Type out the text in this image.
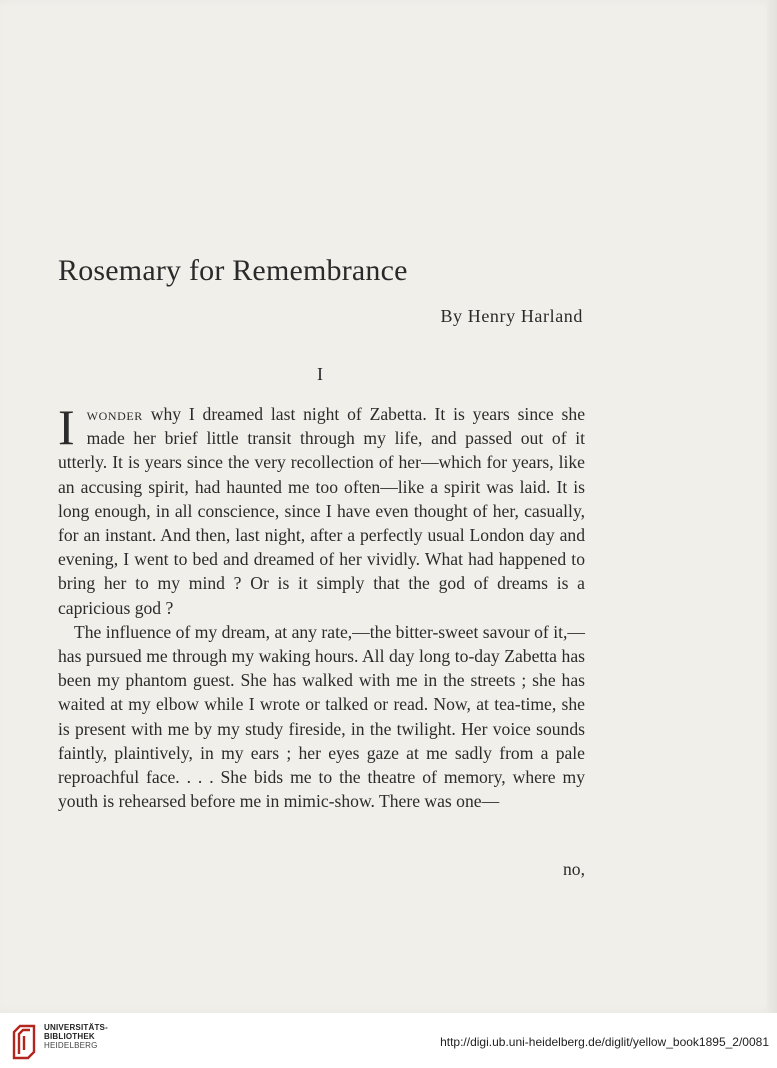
Rosemary for Remembrance
By Henry Harland
I

Iwonder why I dreamed last night of Zabetta. It is years since she made her brief little transit through my life, and passed out of it utterly. It is years since the very recollection of her—which for years, like an accusing spirit, had haunted me too often—like a spirit was laid. It is long enough, in all conscience, since I have even thought of her, casually, for an instant. And then, last night, after a perfectly usual London day and evening, I went to bed and dreamed of her vividly. What had happened to bring her to my mind ? Or is it simply that the god of dreams is a capricious god ?

The influence of my dream, at any rate,—the bitter-sweet savour of it,—has pursued me through my waking hours. All day long to-day Zabetta has been my phantom guest. She has walked with me in the streets ; she has waited at my elbow while I wrote or talked or read. Now, at tea-time, she is present with me by my study fireside, in the twilight. Her voice sounds faintly, plaintively, in my ears ; her eyes gaze at me sadly from a pale reproachful face. . . . She bids me to the theatre of memory, where my youth is rehearsed before me in mimic-show. There was one—

no,
UNIVERSITÄTS-
BIBLIOTHEK
HEIDELBERG	http://digi.ub.uni-heidelberg.de/diglit/yellow_book1895_2/0081
